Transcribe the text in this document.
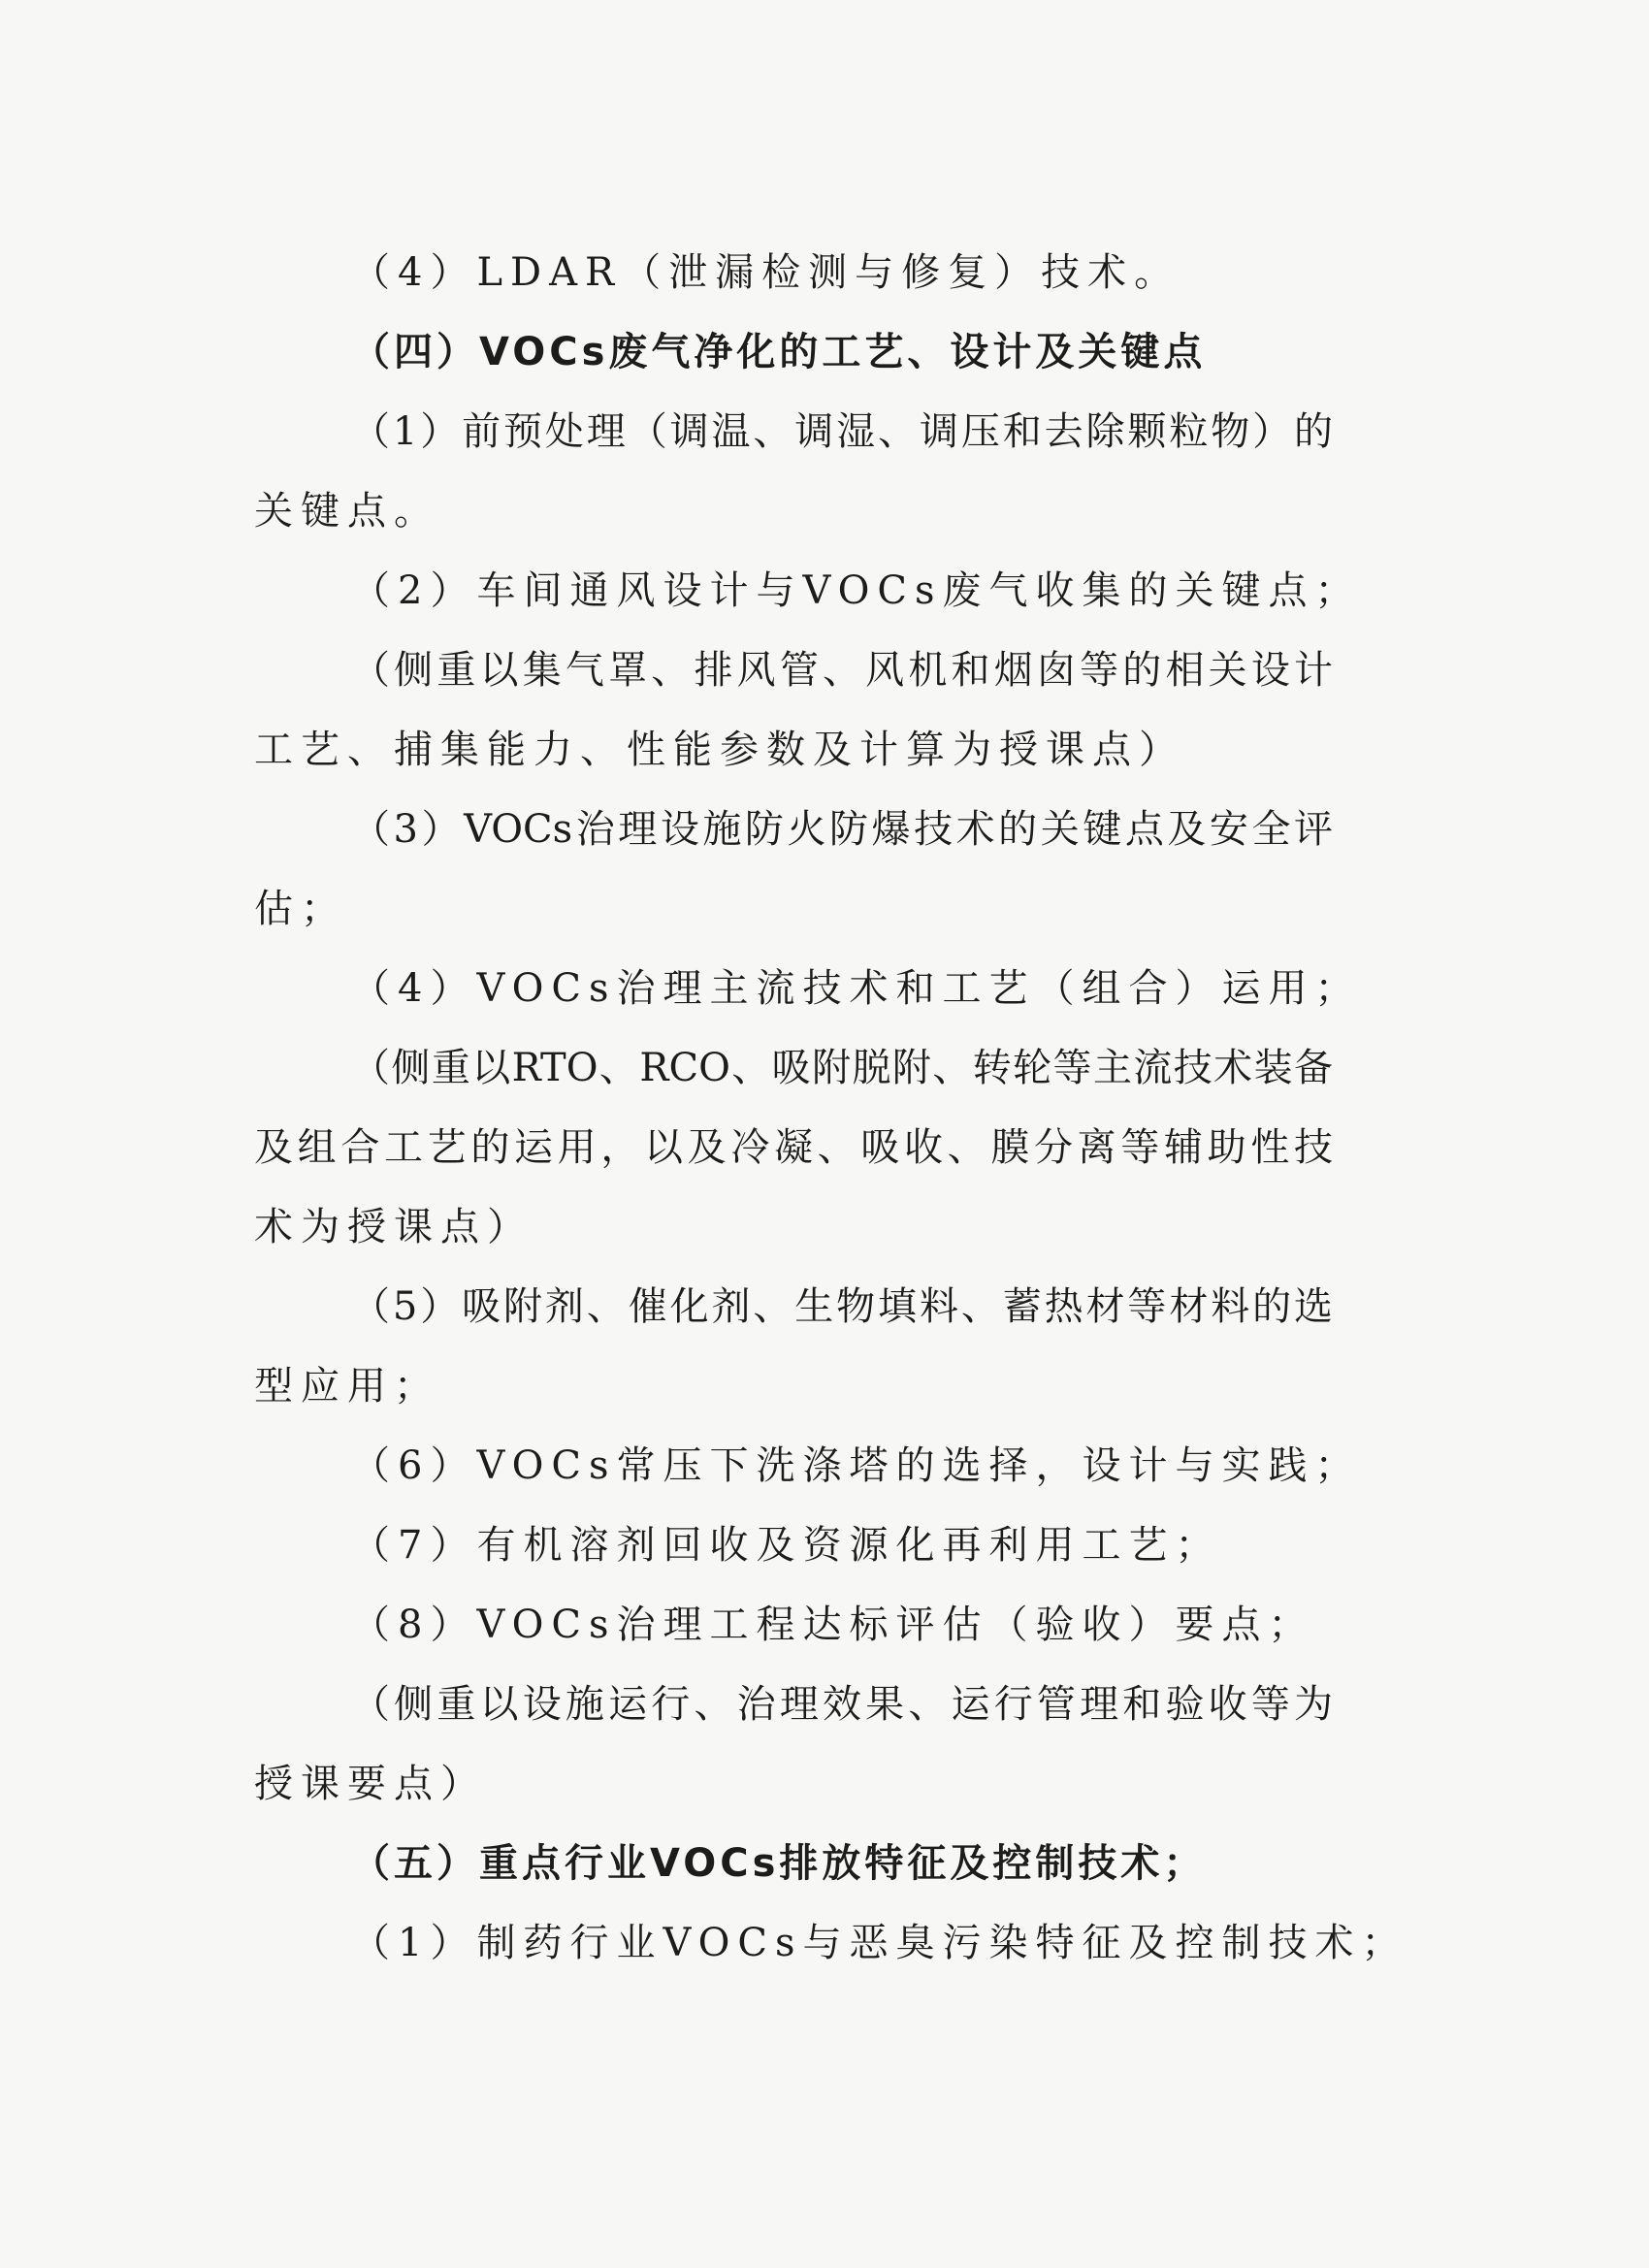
（4）LDAR（泄漏检测与修复）技术。
（四）VOCs废气净化的工艺、设计及关键点
（1）前预处理（调温、调湿、调压和去除颗粒物）的
关键点。
（2）车间通风设计与VOCs废气收集的关键点；
（侧重以集气罩、排风管、风机和烟囱等的相关设计
工艺、捕集能力、性能参数及计算为授课点）
（3）VOCs治理设施防火防爆技术的关键点及安全评
估；
（4）VOCs治理主流技术和工艺（组合）运用；
（侧重以RTO、RCO、吸附脱附、转轮等主流技术装备
及组合工艺的运用，以及冷凝、吸收、膜分离等辅助性技
术为授课点）
（5）吸附剂、催化剂、生物填料、蓄热材等材料的选
型应用；
（6）VOCs常压下洗涤塔的选择，设计与实践；
（7）有机溶剂回收及资源化再利用工艺；
（8）VOCs治理工程达标评估（验收）要点；
（侧重以设施运行、治理效果、运行管理和验收等为
授课要点）
（五）重点行业VOCs排放特征及控制技术；
（1）制药行业VOCs与恶臭污染特征及控制技术；
